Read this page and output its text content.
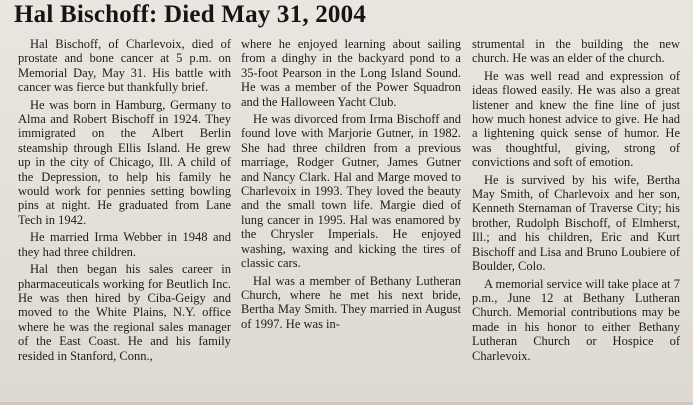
Hal Bischoff: Died May 31, 2004

Hal Bischoff, of Charlevoix, died of prostate and bone cancer at 5 p.m. on Memorial Day, May 31. His battle with cancer was fierce but thankfully brief.

He was born in Hamburg, Germany to Alma and Robert Bischoff in 1924. They immigrated on the Albert Berlin steamship through Ellis Island. He grew up in the city of Chicago, Ill. A child of the Depression, to help his family he would work for pennies setting bowling pins at night. He graduated from Lane Tech in 1942.

He married Irma Webber in 1948 and they had three children.

Hal then began his sales career in pharmaceuticals working for Beutlich Inc. He was then hired by Ciba-Geigy and moved to the White Plains, N.Y. office where he was the regional sales manager of the East Coast. He and his family resided in Stanford, Conn.,

where he enjoyed learning about sailing from a dinghy in the backyard pond to a 35-foot Pearson in the Long Island Sound. He was a member of the Power Squadron and the Halloween Yacht Club.

He was divorced from Irma Bischoff and found love with Marjorie Gutner, in 1982. She had three children from a previous marriage, Rodger Gutner, James Gutner and Nancy Clark. Hal and Marge moved to Charlevoix in 1993. They loved the beauty and the small town life. Margie died of lung cancer in 1995. Hal was enamored by the Chrysler Imperials. He enjoyed washing, waxing and kicking the tires of classic cars.

Hal was a member of Bethany Lutheran Church, where he met his next bride, Bertha May Smith. They married in August of 1997. He was in-

strumental in the building the new church. He was an elder of the church.

He was well read and expression of ideas flowed easily. He was also a great listener and knew the fine line of just how much honest advice to give. He had a lightening quick sense of humor. He was thoughtful, giving, strong of convictions and soft of emotion.

He is survived by his wife, Bertha May Smith, of Charlevoix and her son, Kenneth Sternaman of Traverse City; his brother, Rudolph Bischoff, of Elmherst, Ill.; and his children, Eric and Kurt Bischoff and Lisa and Bruno Loubiere of Boulder, Colo.

A memorial service will take place at 7 p.m., June 12 at Bethany Lutheran Church. Memorial contributions may be made in his honor to either Bethany Lutheran Church or Hospice of Charlevoix.
